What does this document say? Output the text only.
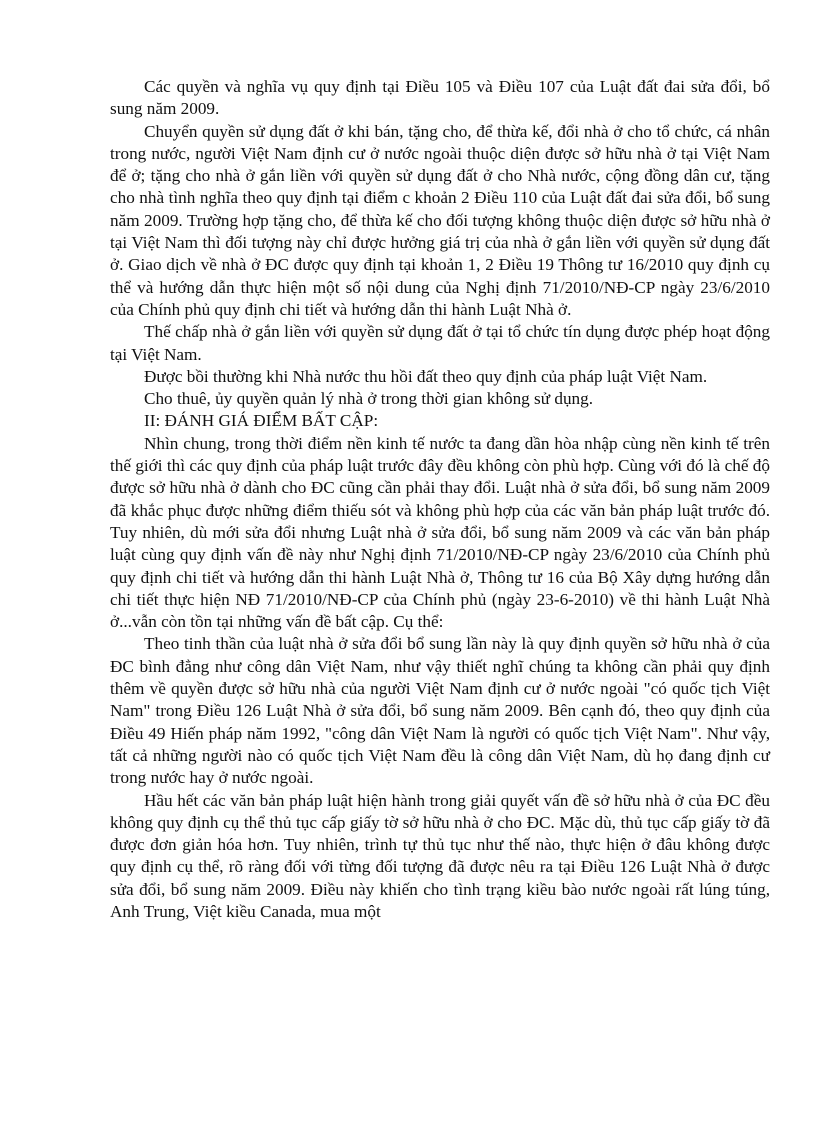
Các quyền và nghĩa vụ quy định tại Điều 105 và Điều 107 của Luật đất đai sửa đổi, bổ sung năm 2009.

Chuyển quyền sử dụng đất ở khi bán, tặng cho, để thừa kế, đổi nhà ở cho tổ chức, cá nhân trong nước, người Việt Nam định cư ở nước ngoài thuộc diện được sở hữu nhà ở tại Việt Nam để ở; tặng cho nhà ở gắn liền với quyền sử dụng đất ở cho Nhà nước, cộng đồng dân cư, tặng cho nhà tình nghĩa theo quy định tại điểm c khoản 2 Điều 110 của Luật đất đai sửa đổi, bổ sung năm 2009. Trường hợp tặng cho, để thừa kế cho đối tượng không thuộc diện được sở hữu nhà ở tại Việt Nam thì đối tượng này chỉ được hưởng giá trị của nhà ở gắn liền với quyền sử dụng đất ở. Giao dịch về nhà ở ĐC được quy định tại khoản 1, 2 Điều 19 Thông tư 16/2010 quy định cụ thể và hướng dẫn thực hiện một số nội dung của Nghị định 71/2010/NĐ-CP ngày 23/6/2010 của Chính phủ quy định chi tiết và hướng dẫn thi hành Luật Nhà ở.

Thế chấp nhà ở gắn liền với quyền sử dụng đất ở tại tổ chức tín dụng được phép hoạt động tại Việt Nam.

Được bồi thường khi Nhà nước thu hồi đất theo quy định của pháp luật Việt Nam.

Cho thuê, ủy quyền quản lý nhà ở trong thời gian không sử dụng.

II: ĐÁNH GIÁ ĐIỂM BẤT CẬP:

Nhìn chung, trong thời điểm nền kinh tế nước ta đang dần hòa nhập cùng nền kinh tế trên thế giới thì các quy định của pháp luật trước đây đều không còn phù hợp. Cùng với đó là chế độ được sở hữu nhà ở dành cho ĐC cũng cần phải thay đổi. Luật nhà ở sửa đổi, bổ sung năm 2009 đã khắc phục được những điểm thiếu sót và không phù hợp của các văn bản pháp luật trước đó. Tuy nhiên, dù mới sửa đổi nhưng Luật nhà ở sửa đổi, bổ sung năm 2009 và các văn bản pháp luật cùng quy định vấn đề này như Nghị định 71/2010/NĐ-CP ngày 23/6/2010 của Chính phủ quy định chi tiết và hướng dẫn thi hành Luật Nhà ở, Thông tư 16 của Bộ Xây dựng hướng dẫn chi tiết thực hiện NĐ 71/2010/NĐ-CP của Chính phủ (ngày 23-6-2010) về thi hành Luật Nhà ở...vẫn còn tồn tại những vấn đề bất cập. Cụ thể:

Theo tinh thần của luật nhà ở sửa đổi bổ sung lần này là quy định quyền sở hữu nhà ở của ĐC bình đẳng như công dân Việt Nam, như vậy thiết nghĩ chúng ta không cần phải quy định thêm về quyền được sở hữu nhà của người Việt Nam định cư ở nước ngoài "có quốc tịch Việt Nam" trong Điều 126 Luật Nhà ở sửa đổi, bổ sung năm 2009. Bên cạnh đó, theo quy định của Điều 49 Hiến pháp năm 1992, "công dân Việt Nam là người có quốc tịch Việt Nam". Như vậy, tất cả những người nào có quốc tịch Việt Nam đều là công dân Việt Nam, dù họ đang định cư trong nước hay ở nước ngoài.

Hầu hết các văn bản pháp luật hiện hành trong giải quyết vấn đề sở hữu nhà ở của ĐC đều không quy định cụ thể thủ tục cấp giấy tờ sở hữu nhà ở cho ĐC. Mặc dù, thủ tục cấp giấy tờ đã được đơn giản hóa hơn. Tuy nhiên, trình tự thủ tục như thế nào, thực hiện ở đâu không được quy định cụ thể, rõ ràng đối với từng đối tượng đã được nêu ra tại Điều 126 Luật Nhà ở được sửa đổi, bổ sung năm 2009. Điều này khiến cho tình trạng kiều bào nước ngoài rất lúng túng, Anh Trung, Việt kiều Canada, mua một
